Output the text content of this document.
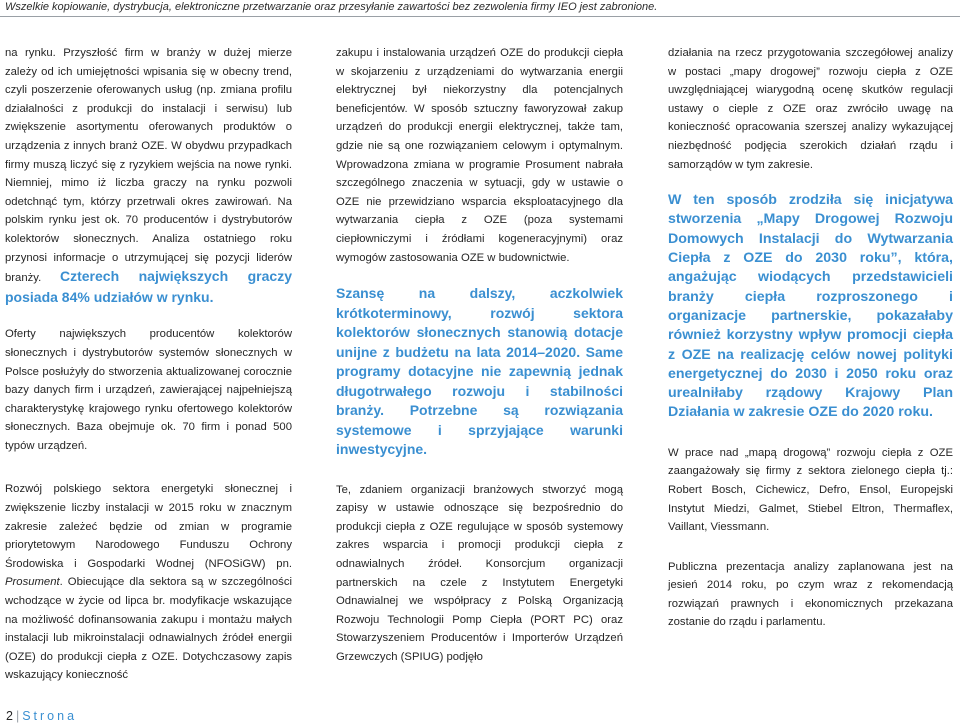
Wszelkie kopiowanie, dystrybucja, elektroniczne przetwarzanie oraz przesyłanie zawartości bez zezwolenia firmy IEO jest zabronione.

na rynku. Przyszłość firm w branży w dużej mierze zależy od ich umiejętności wpisania się w obecny trend, czyli poszerzenie oferowanych usług (np. zmiana profilu działalności z produkcji do instalacji i serwisu) lub zwiększenie asortymentu oferowanych produktów o urządzenia z innych branż OZE. W obydwu przypadkach firmy muszą liczyć się z ryzykiem wejścia na nowe rynki. Niemniej, mimo iż liczba graczy na rynku pozwoli odetchnąć tym, którzy przetrwali okres zawirowań. Na polskim rynku jest ok. 70 producentów i dystrybutorów kolektorów słonecznych. Analiza ostatniego roku przynosi informacje o utrzymującej się pozycji liderów branży. Czterech największych graczy posiada 84% udziałów w rynku.

Oferty największych producentów kolektorów słonecznych i dystrybutorów systemów słonecznych w Polsce posłużyły do stworzenia aktualizowanej corocznie bazy danych firm i urządzeń, zawierającej najpełniejszą charakterystykę krajowego rynku ofertowego kolektorów słonecznych. Baza obejmuje ok. 70 firm i ponad 500 typów urządzeń.

Rozwój polskiego sektora energetyki słonecznej i zwiększenie liczby instalacji w 2015 roku w znacznym zakresie zależeć będzie od zmian w programie priorytetowym Narodowego Funduszu Ochrony Środowiska i Gospodarki Wodnej (NFOSiGW) pn. Prosument. Obiecujące dla sektora są w szczególności wchodzące w życie od lipca br. modyfikacje wskazujące na możliwość dofinansowania zakupu i montażu małych instalacji lub mikroinstalacji odnawialnych źródeł energii (OZE) do produkcji ciepła z OZE. Dotychczasowy zapis wskazujący konieczność

zakupu i instalowania urządzeń OZE do produkcji ciepła w skojarzeniu z urządzeniami do wytwarzania energii elektrycznej był niekorzystny dla potencjalnych beneficjentów. W sposób sztuczny faworyzował zakup urządzeń do produkcji energii elektrycznej, także tam, gdzie nie są one rozwiązaniem celowym i optymalnym. Wprowadzona zmiana w programie Prosument nabrała szczególnego znaczenia w sytuacji, gdy w ustawie o OZE nie przewidziano wsparcia eksploatacyjnego dla wytwarzania ciepła z OZE (poza systemami ciepłowniczymi i źródłami kogeneracyjnymi) oraz wymogów zastosowania OZE w budownictwie.

Szansę na dalszy, aczkolwiek krótkoterminowy, rozwój sektora kolektorów słonecznych stanowią dotacje unijne z budżetu na lata 2014–2020. Same programy dotacyjne nie zapewnią jednak długotrwałego rozwoju i stabilności branży. Potrzebne są rozwiązania systemowe i sprzyjające warunki inwestycyjne.

Te, zdaniem organizacji branżowych stworzyć mogą zapisy w ustawie odnoszące się bezpośrednio do produkcji ciepła z OZE regulujące w sposób systemowy zakres wsparcia i promocji produkcji ciepła z odnawialnych źródeł. Konsorcjum organizacji partnerskich na czele z Instytutem Energetyki Odnawialnej we współpracy z Polską Organizacją Rozwoju Technologii Pomp Ciepła (PORT PC) oraz Stowarzyszeniem Producentów i Importerów Urządzeń Grzewczych (SPIUG) podjęło

działania na rzecz przygotowania szczegółowej analizy w postaci „mapy drogowej” rozwoju ciepła z OZE uwzględniającej wiarygodną ocenę skutków regulacji ustawy o cieple z OZE oraz zwróciło uwagę na konieczność opracowania szerszej analizy wykazującej niezbędność podjęcia szerokich działań rządu i samorządów w tym zakresie.

W ten sposób zrodziła się inicjatywa stworzenia „Mapy Drogowej Rozwoju Domowych Instalacji do Wytwarzania Ciepła z OZE do 2030 roku”, która, angażując wiodących przedstawicieli branży ciepła rozproszonego i organizacje partnerskie, pokazałaby również korzystny wpływ promocji ciepła z OZE na realizację celów nowej polityki energetycznej do 2030 i 2050 roku oraz urealniłaby rządowy Krajowy Plan Działania w zakresie OZE do 2020 roku.

W prace nad „mapą drogową” rozwoju ciepła z OZE zaangażowały się firmy z sektora zielonego ciepła tj.: Robert Bosch, Cichewicz, Defro, Ensol, Europejski Instytut Miedzi, Galmet, Stiebel Eltron, Thermaflex, Vaillant, Viessmann.

Publiczna prezentacja analizy zaplanowana jest na jesień 2014 roku, po czym wraz z rekomendacją rozwiązań prawnych i ekonomicznych przekazana zostanie do rządu i parlamentu.

2 | Strona
